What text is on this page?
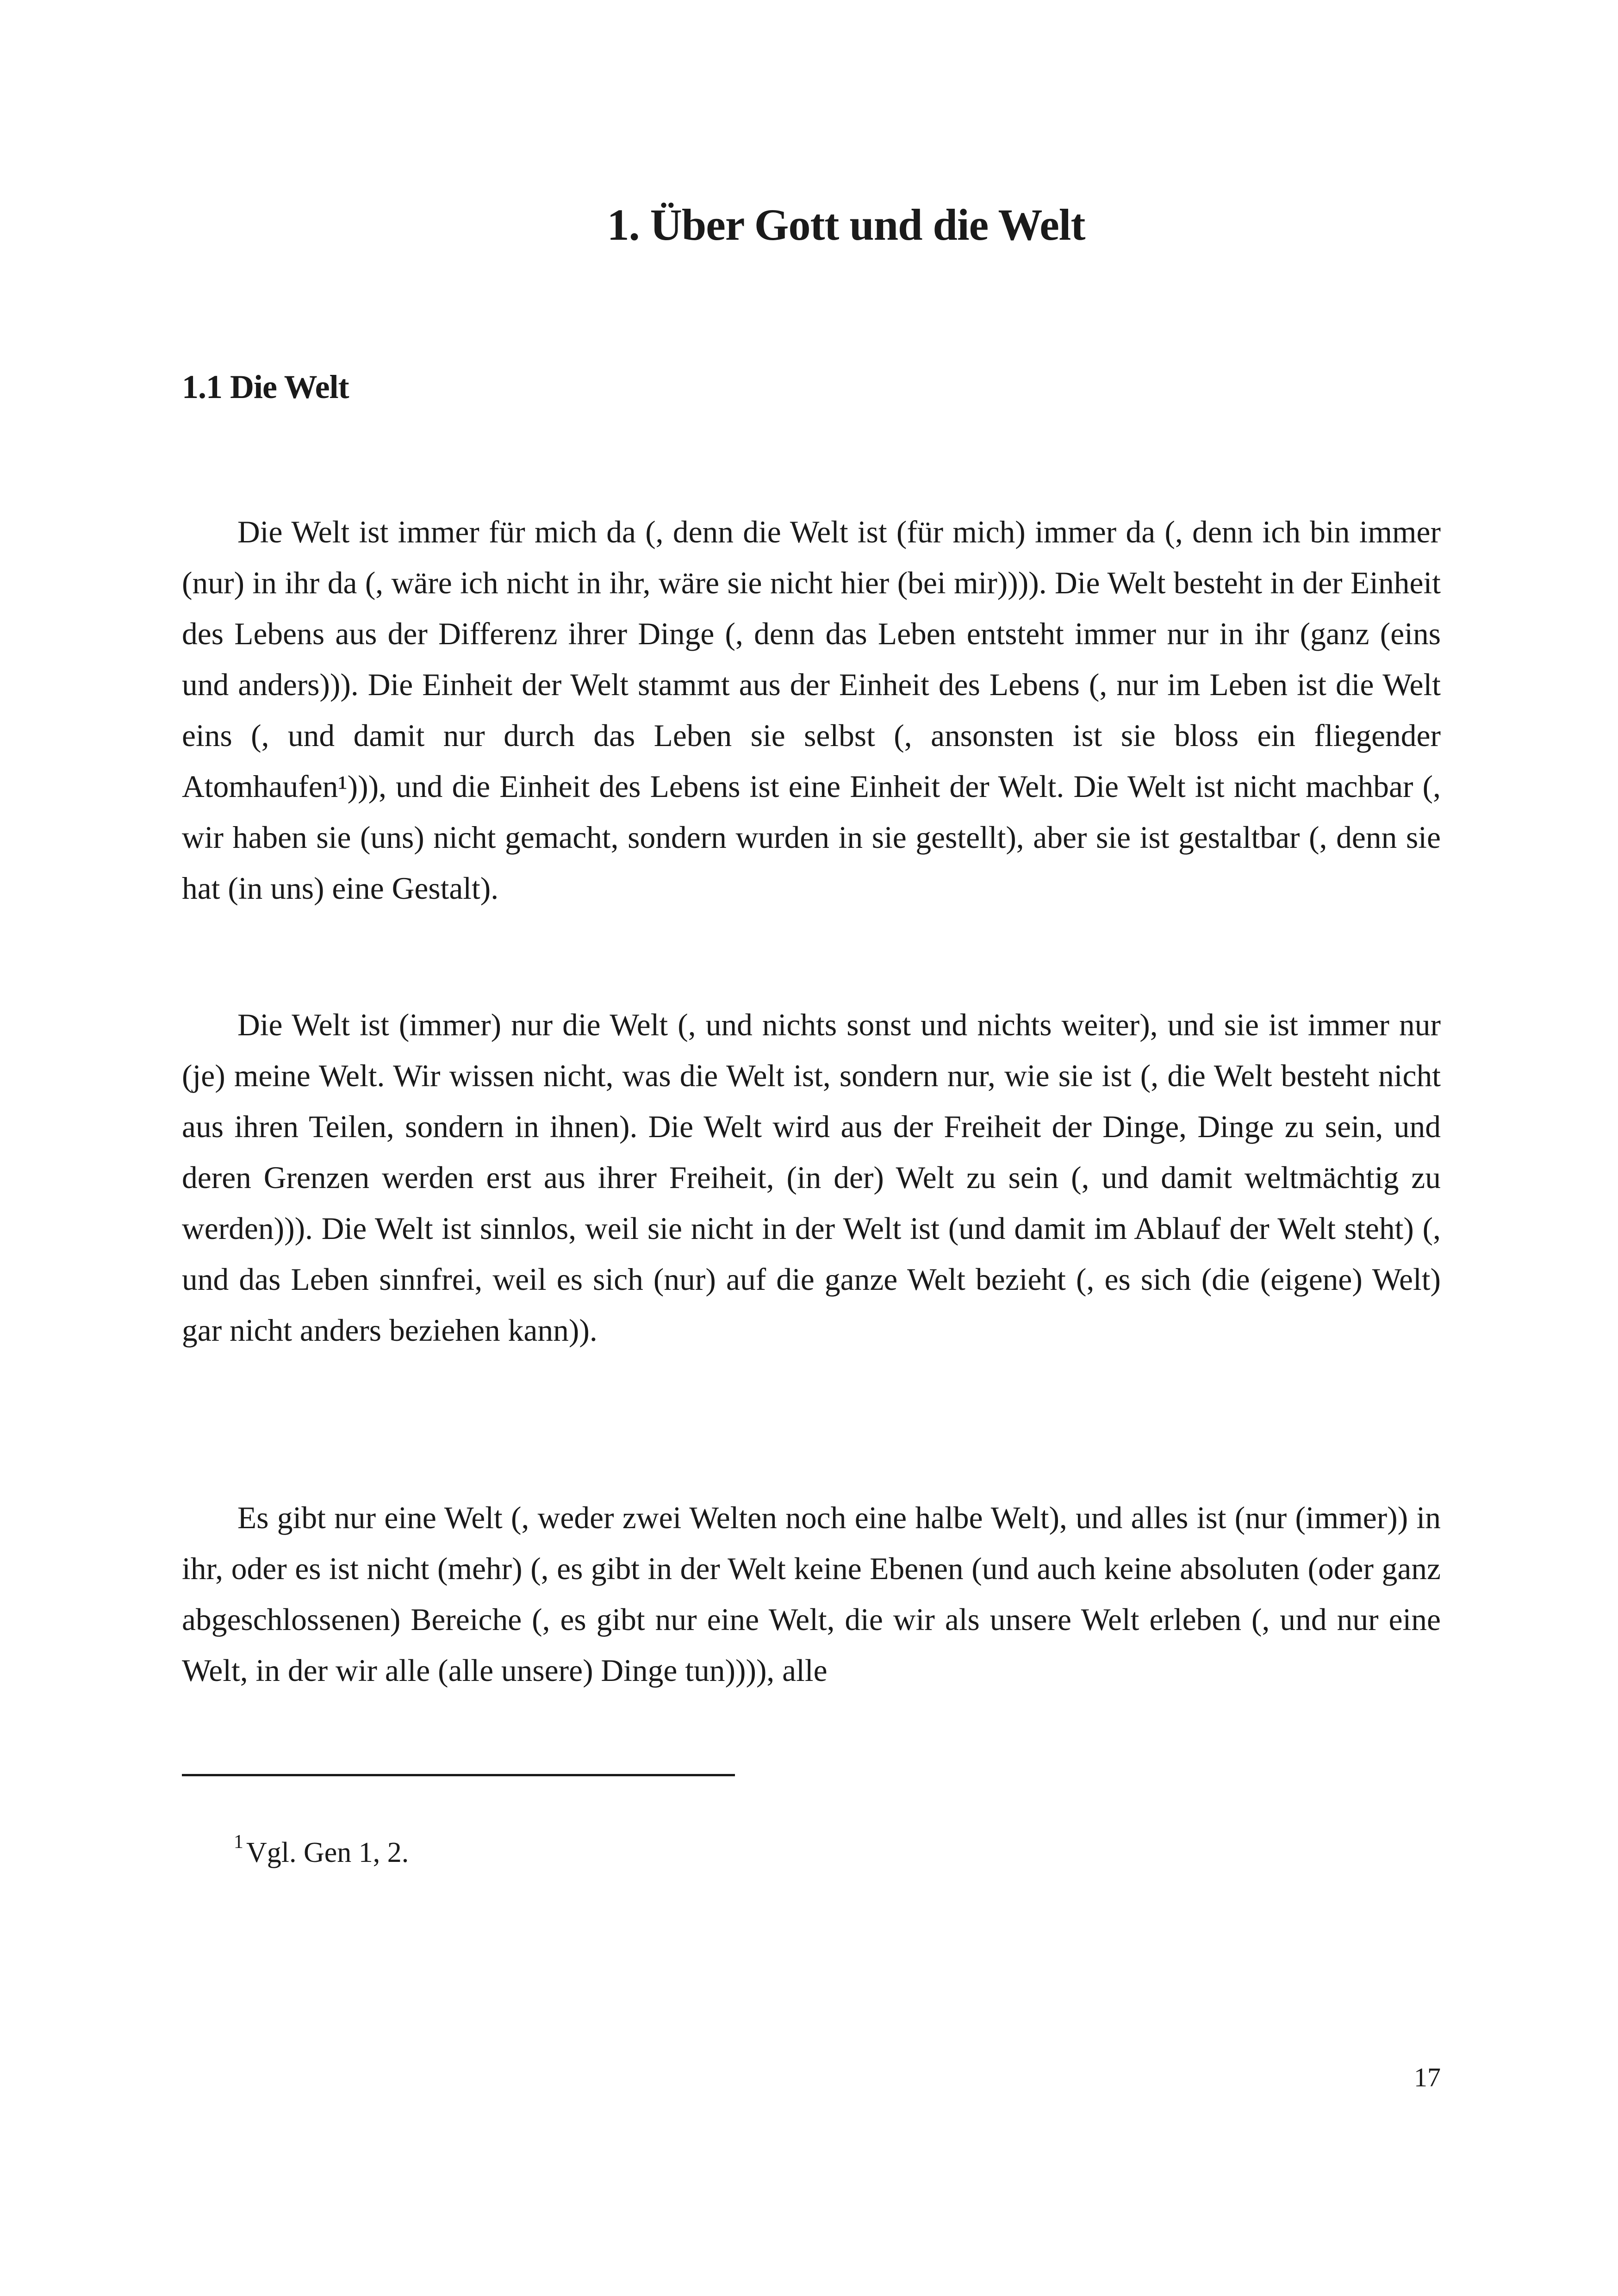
1. Über Gott und die Welt
1.1 Die Welt

Die Welt ist immer für mich da (, denn die Welt ist (für mich) immer da (, denn ich bin immer (nur) in ihr da (, wäre ich nicht in ihr, wäre sie nicht hier (bei mir)))). Die Welt besteht in der Einheit des Lebens aus der Differenz ihrer Dinge (, denn das Leben entsteht immer nur in ihr (ganz (eins und anders))). Die Einheit der Welt stammt aus der Einheit des Lebens (, nur im Leben ist die Welt eins (, und damit nur durch das Leben sie selbst (, ansonsten ist sie bloss ein fliegender Atomhaufen¹))), und die Einheit des Lebens ist eine Einheit der Welt. Die Welt ist nicht machbar (, wir haben sie (uns) nicht gemacht, sondern wurden in sie gestellt), aber sie ist gestaltbar (, denn sie hat (in uns) eine Gestalt).

Die Welt ist (immer) nur die Welt (, und nichts sonst und nichts weiter), und sie ist immer nur (je) meine Welt. Wir wissen nicht, was die Welt ist, sondern nur, wie sie ist (, die Welt besteht nicht aus ihren Teilen, sondern in ihnen). Die Welt wird aus der Freiheit der Dinge, Dinge zu sein, und deren Grenzen werden erst aus ihrer Freiheit, (in der) Welt zu sein (, und damit weltmächtig zu werden))). Die Welt ist sinnlos, weil sie nicht in der Welt ist (und damit im Ablauf der Welt steht) (, und das Leben sinnfrei, weil es sich (nur) auf die ganze Welt bezieht (, es sich (die (eigene) Welt) gar nicht anders beziehen kann)).

Es gibt nur eine Welt (, weder zwei Welten noch eine halbe Welt), und alles ist (nur (immer)) in ihr, oder es ist nicht (mehr) (, es gibt in der Welt keine Ebenen (und auch keine absoluten (oder ganz abgeschlossenen) Bereiche (, es gibt nur eine Welt, die wir als unsere Welt erleben (, und nur eine Welt, in der wir alle (alle unsere) Dinge tun)))), alle

$^1$Vgl. Gen 1, 2.

17
